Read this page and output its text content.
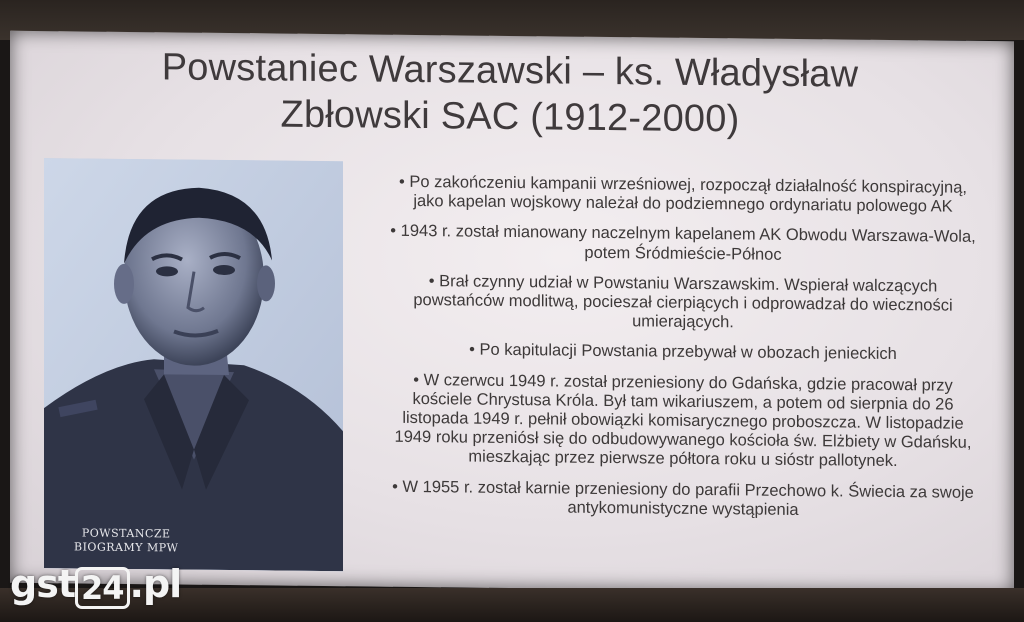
Powstaniec Warszawski – ks. Władysław
Zbłowski SAC (1912-2000)
POWSTANCZE
BIOGRAMY MPW
• Po zakończeniu kampanii wrześniowej, rozpoczął działalność konspiracyjną, jako kapelan wojskowy należał do podziemnego ordynariatu polowego AK
• 1943 r. został mianowany naczelnym kapelanem AK Obwodu Warszawa-Wola, potem Śródmieście-Północ
• Brał czynny udział w Powstaniu Warszawskim. Wspierał walczących powstańców modlitwą, pocieszał cierpiących i odprowadzał do wieczności umierających.
• Po kapitulacji Powstania przebywał w obozach jenieckich
• W czerwcu 1949 r. został przeniesiony do Gdańska, gdzie pracował przy kościele Chrystusa Króla. Był tam wikariuszem, a potem od sierpnia do 26 listopada 1949 r. pełnił obowiązki komisarycznego proboszcza. W listopadzie 1949 roku przeniósł się do odbudowywanego kościoła św. Elżbiety w Gdańsku, mieszkając przez pierwsze półtora roku u sióstr pallotynek.
• W 1955 r. został karnie przeniesiony do parafii Przechowo k. Świecia za swoje antykomunistyczne wystąpienia
gst 24 .pl
